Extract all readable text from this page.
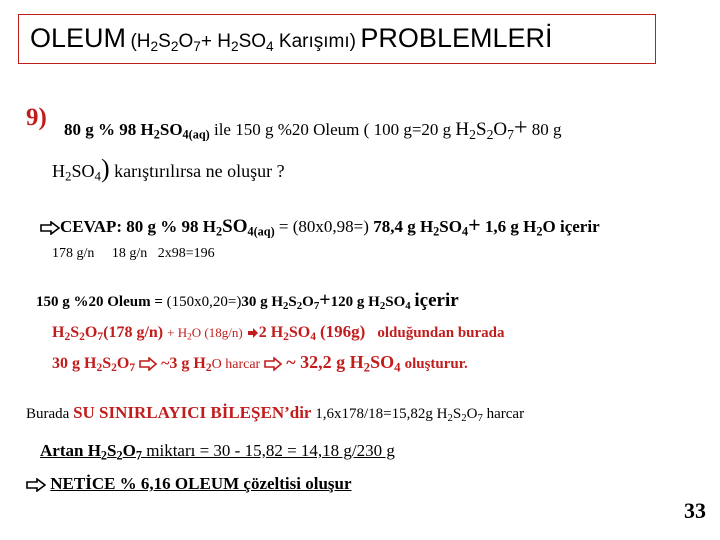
OLEUM ($H_2S_2O_7+ H_2SO_4$ Karışımı) PROBLEMLERİ
9) 80 g % 98 $H_2SO_{4(aq)}$ ile 150 g %20 Oleum ( 100 g=20 g $H_2S_2O_7+ 80$ g
$H_2SO_4$) karıştırılırsa ne oluşur ?
CEVAP: 80 g % 98 $H_2SO_{4(aq)} = (80x0,98=)$ 78,4 g $H_2SO_4+ 1,6$ g $H_2O$ içerir
178 g/n     18 g/n   2x98=196
150 g %20 Oleum = (150x0,20=)30 g $H_2S_2O_7+120$ g $H_2SO_4$ içerir
$H_2S_2O_7(178$ $g/n) + H_2O$ (18g/n) 2 $H_2SO_4$ (196g) olduğundan burada
30 g $H_2S_2O_7$ ~3 g $H_2O$ harcar ~ 32,2 g $H_2SO_4$ oluşturur.
Burada SU SINIRLAYICI BİLEŞEN’dir 1,6x178/18=15,82g $H_2S_2O_7$ harcar
Artan $H_2S_2O_7$ miktarı = 30 - 15,82 = 14,18 g/230 g
NETİCE % 6,16 OLEUM çözeltisi oluşur
33
